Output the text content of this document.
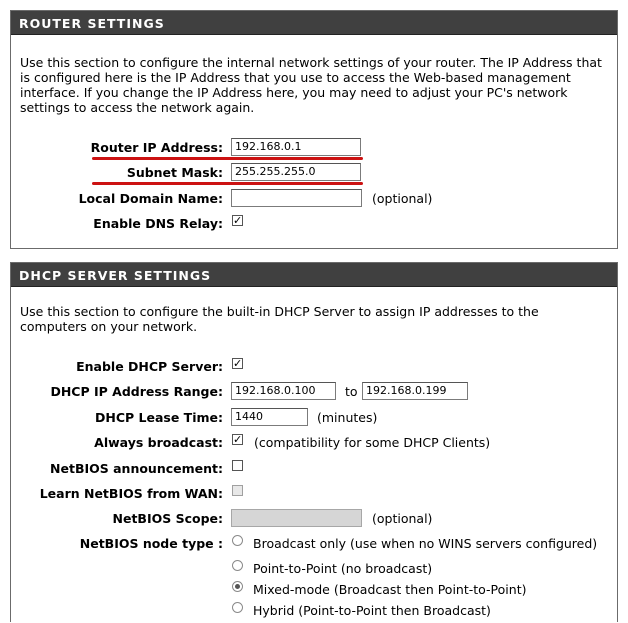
ROUTER SETTINGS
Use this section to configure the internal network settings of your router. The IP Address that is configured here is the IP Address that you use to access the Web-based management interface. If you change the IP Address here, you may need to adjust your PC's network settings to access the network again.
Router IP Address:	192.168.0.1
Subnet Mask:	255.255.255.0
Local Domain Name:	(optional)
Enable DNS Relay: ✓
DHCP SERVER SETTINGS
Use this section to configure the built-in DHCP Server to assign IP addresses to the computers on your network.
Enable DHCP Server: ✓
DHCP IP Address Range:	192.168.0.100	to 192.168.0.199
DHCP Lease Time:	1440	(minutes)
Always broadcast: ✓ (compatibility for some DHCP Clients)
NetBIOS announcement:
Learn NetBIOS from WAN:
NetBIOS Scope:	(optional)
NetBIOS node type : Broadcast only (use when no WINS servers configured)
Point-to-Point (no broadcast)
Mixed-mode (Broadcast then Point-to-Point)
Hybrid (Point-to-Point then Broadcast)
